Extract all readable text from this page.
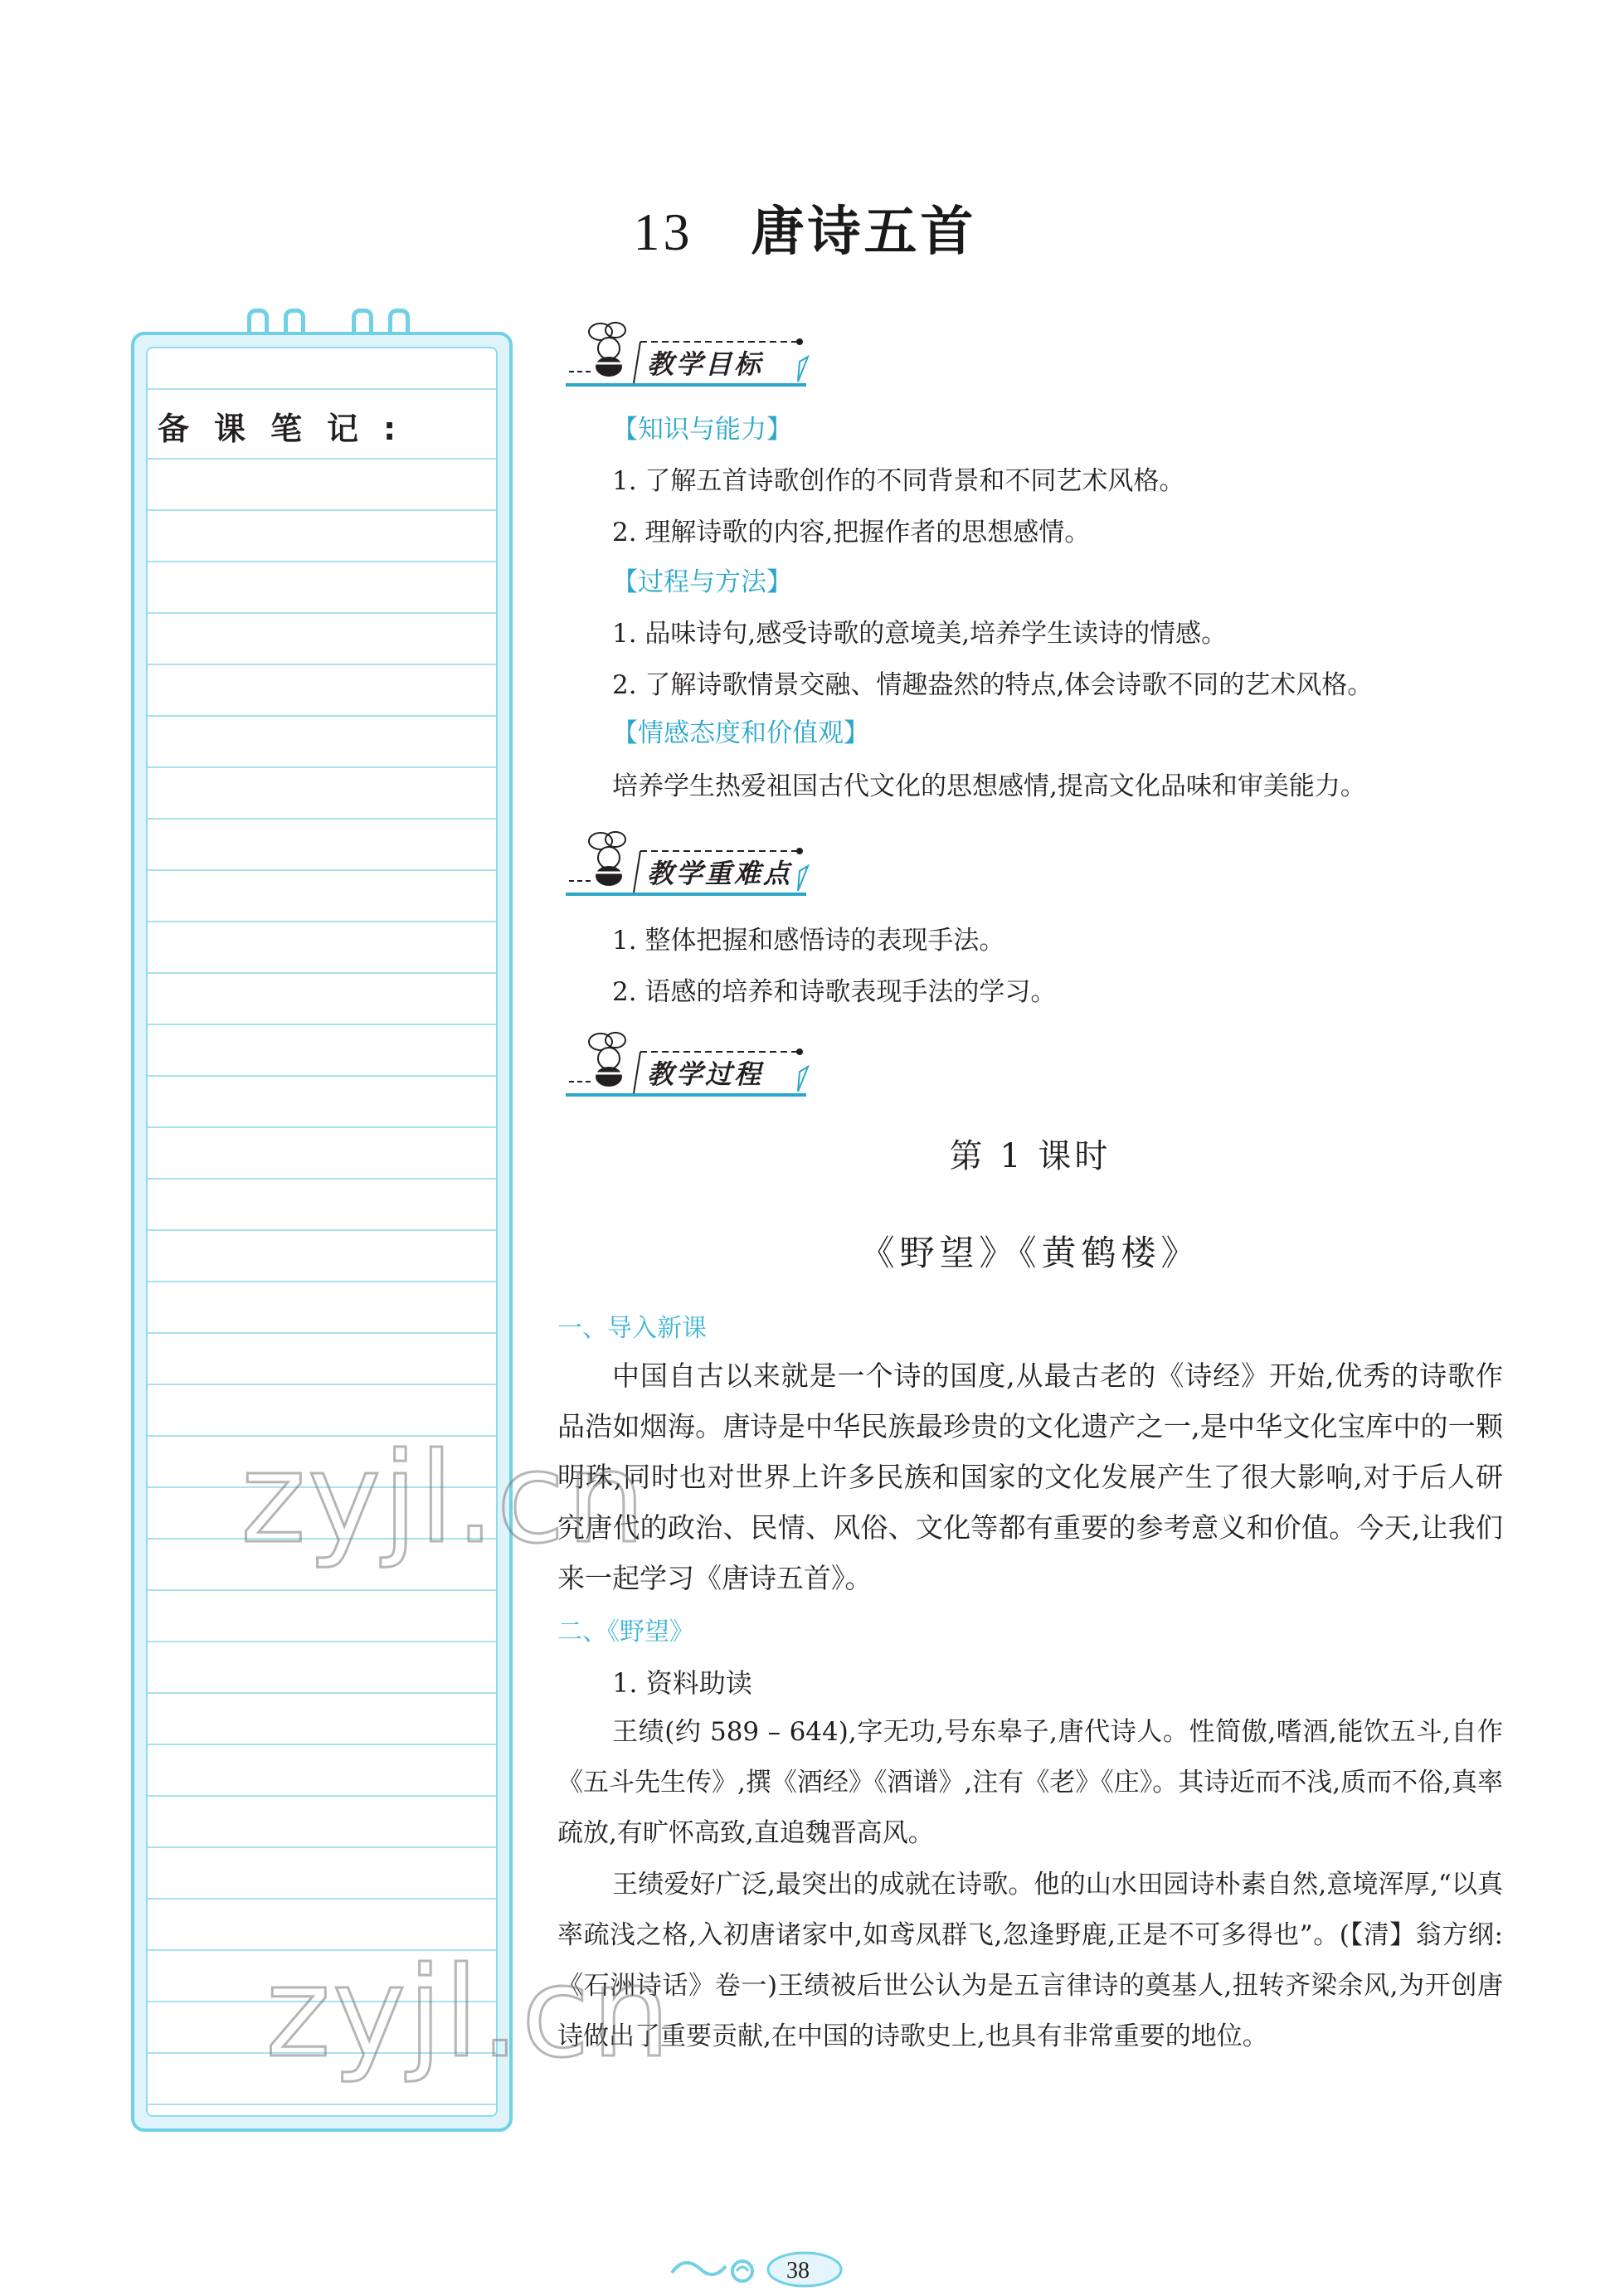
13 唐诗五首
备课笔记:
教学目标
【知识与能力】
1. 了解五首诗歌创作的不同背景和不同艺术风格。
2. 理解诗歌的内容,把握作者的思想感情。
【过程与方法】
1. 品味诗句,感受诗歌的意境美,培养学生读诗的情感。
2. 了解诗歌情景交融、情趣盎然的特点,体会诗歌不同的艺术风格。
【情感态度和价值观】
培养学生热爱祖国古代文化的思想感情,提高文化品味和审美能力。
教学重难点
1. 整体把握和感悟诗的表现手法。
2. 语感的培养和诗歌表现手法的学习。
教学过程
第 1 课时
《野望》《黄鹤楼》
一、导入新课

中国自古以来就是一个诗的国度,从最古老的《诗经》开始,优秀的诗歌作品浩如烟海。唐诗是中华民族最珍贵的文化遗产之一,是中华文化宝库中的一颗明珠,同时也对世界上许多民族和国家的文化发展产生了很大影响,对于后人研究唐代的政治、民情、风俗、文化等都有重要的参考意义和价值。今天,让我们来一起学习《唐诗五首》。

二、《野望》
1. 资料助读

王绩(约 589 – 644),字无功,号东皋子,唐代诗人。性简傲,嗜酒,能饮五斗,自作《五斗先生传》,撰《酒经》《酒谱》,注有《老》《庄》。其诗近而不浅,质而不俗,真率疏放,有旷怀高致,直追魏晋高风。

王绩爱好广泛,最突出的成就在诗歌。他的山水田园诗朴素自然,意境浑厚,“以真率疏浅之格,入初唐诸家中,如鸢凤群飞,忽逢野鹿,正是不可多得也”。(【清】翁方纲:《石洲诗话》卷一)王绩被后世公认为是五言律诗的奠基人,扭转齐梁余风,为开创唐诗做出了重要贡献,在中国的诗歌史上,也具有非常重要的地位。

zyjl.cn
zyjl.cn
38
